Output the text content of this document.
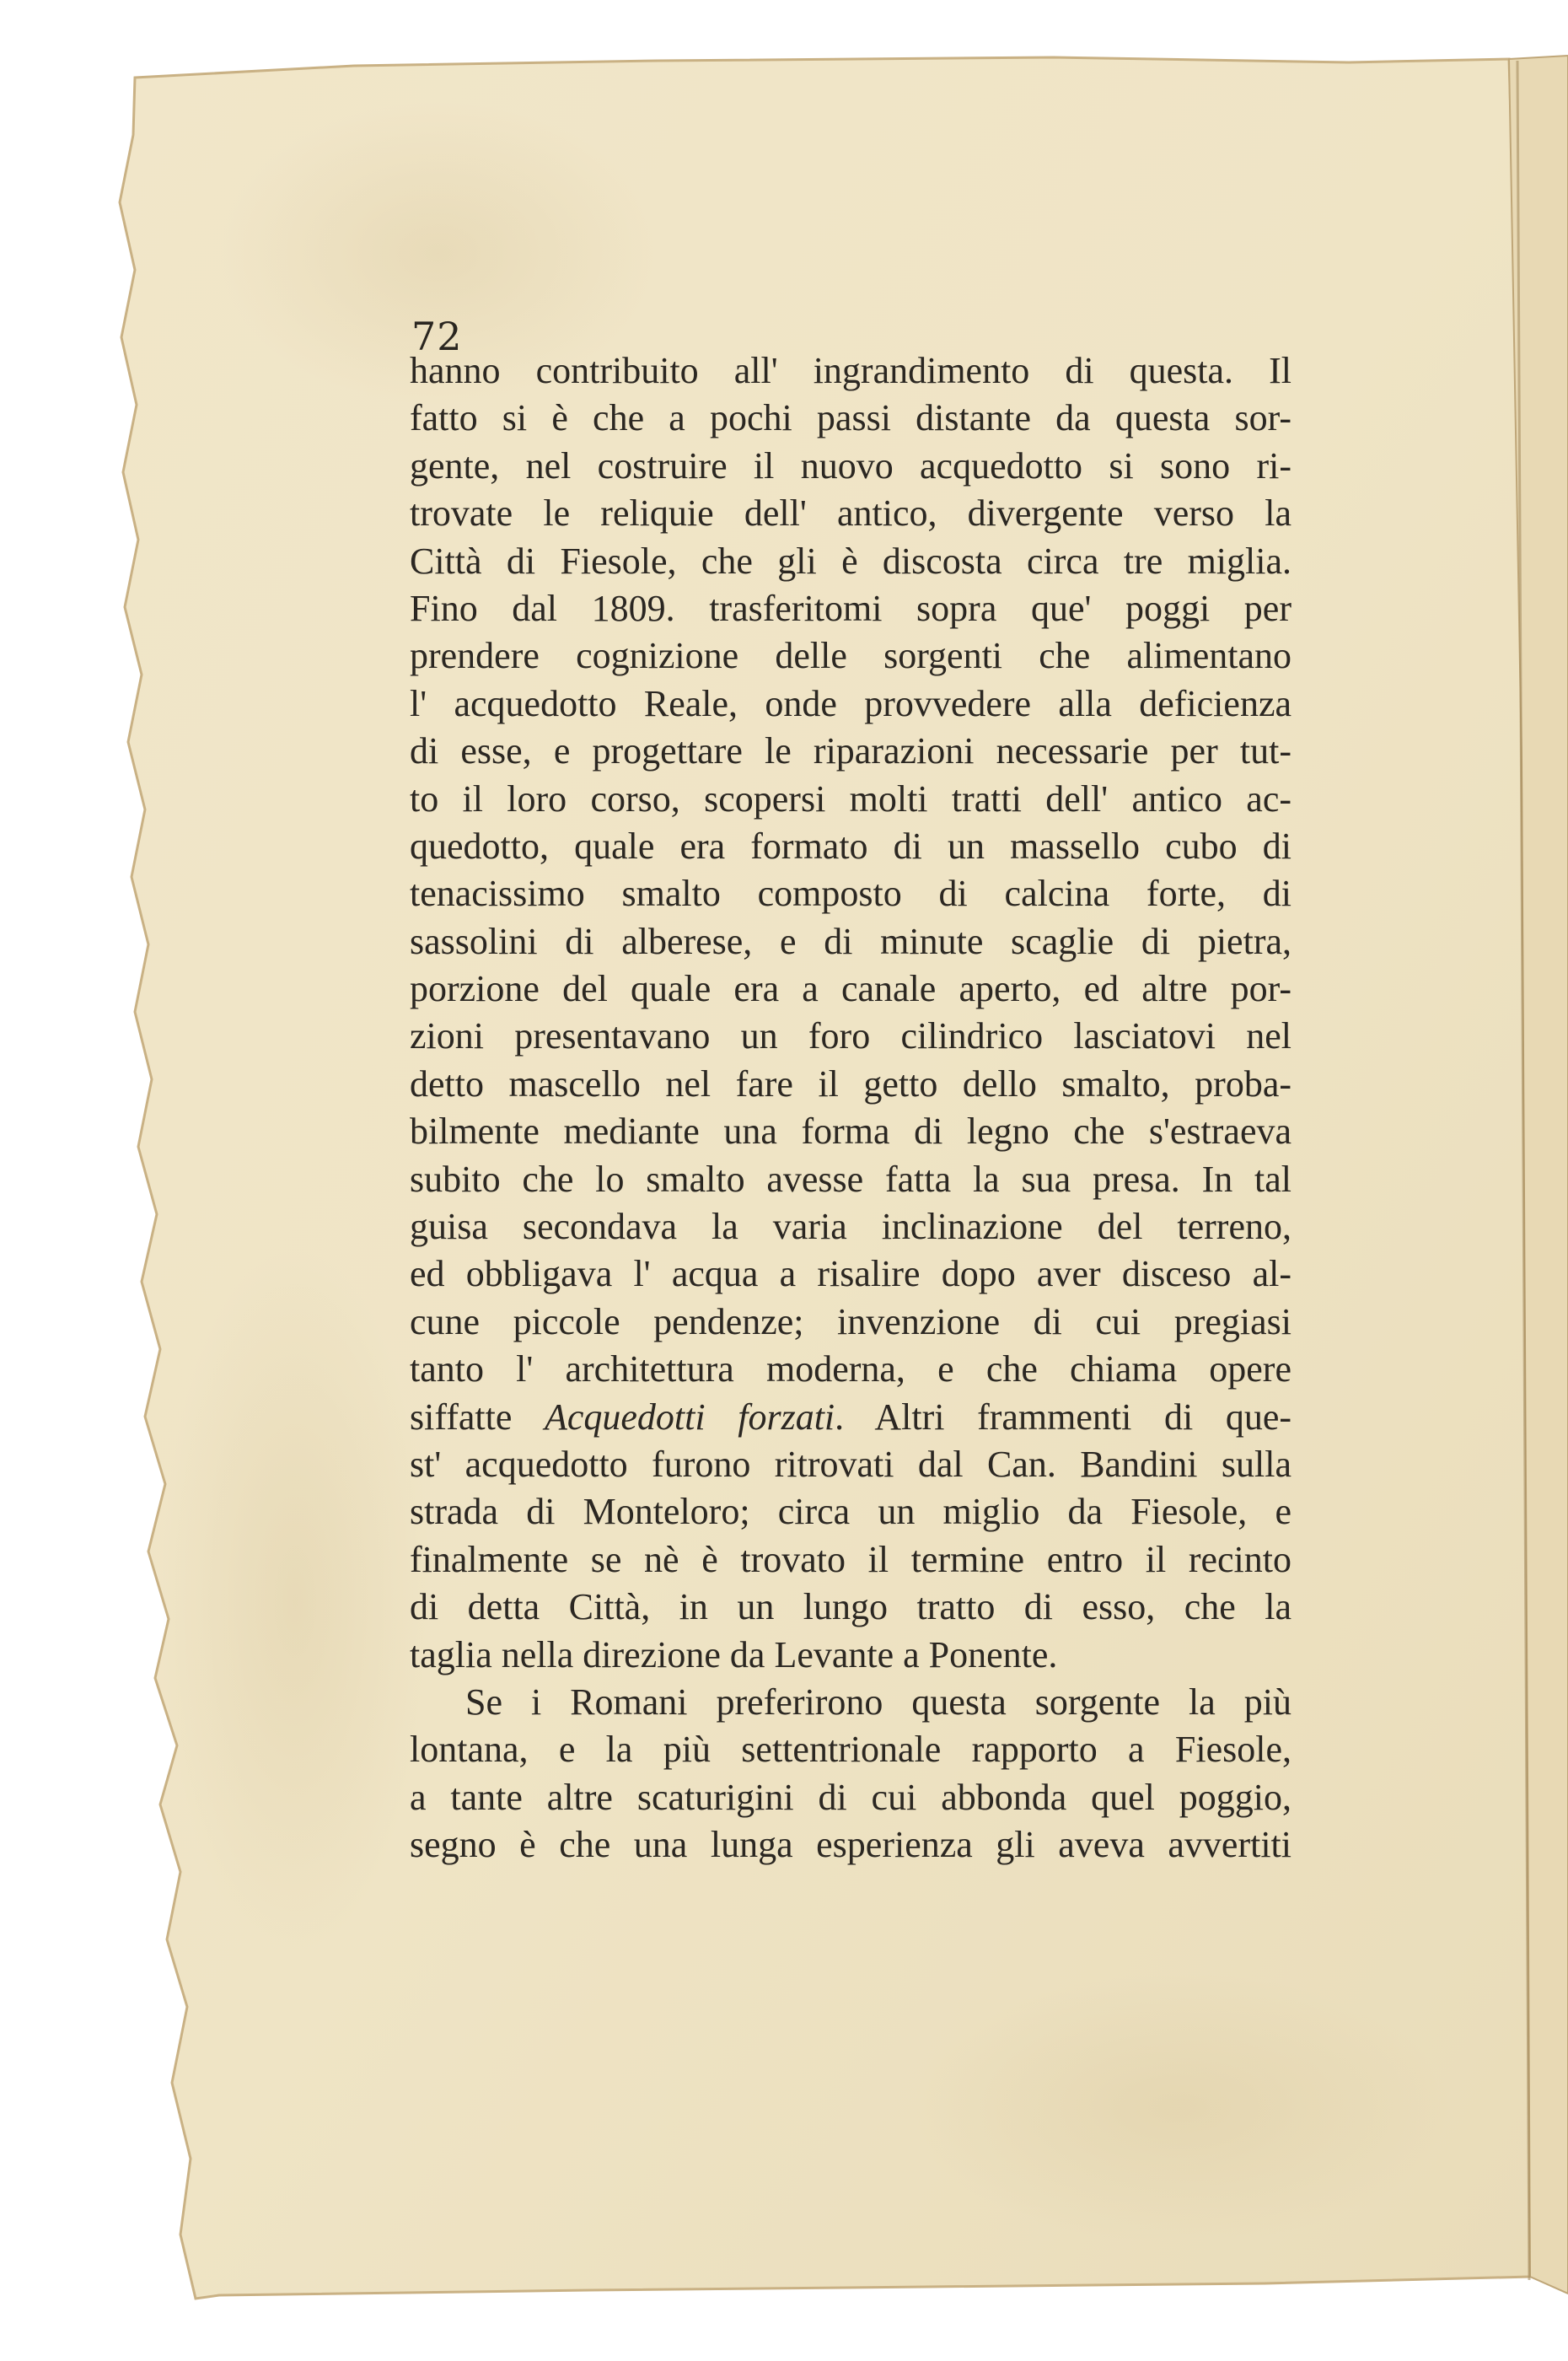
72
hanno contribuito all' ingrandimento di questa. Il
fatto si è che a pochi passi distante da questa sor-
gente, nel costruire il nuovo acquedotto si sono ri-
trovate le reliquie dell' antico, divergente verso la
Città di Fiesole, che gli è discosta circa tre miglia.
Fino dal 1809. trasferitomi sopra que' poggi per
prendere cognizione delle sorgenti che alimentano
l' acquedotto Reale, onde provvedere alla deficienza
di esse, e progettare le riparazioni necessarie per tut-
to il loro corso, scopersi molti tratti dell' antico ac-
quedotto, quale era formato di un massello cubo di
tenacissimo smalto composto di calcina forte, di
sassolini di alberese, e di minute scaglie di pietra,
porzione del quale era a canale aperto, ed altre por-
zioni presentavano un foro cilindrico lasciatovi nel
detto mascello nel fare il getto dello smalto, proba-
bilmente mediante una forma di legno che s'estraeva
subito che lo smalto avesse fatta la sua presa. In tal
guisa secondava la varia inclinazione del terreno,
ed obbligava l' acqua a risalire dopo aver disceso al-
cune piccole pendenze; invenzione di cui pregiasi
tanto l' architettura moderna, e che chiama opere
siffatte Acquedotti forzati. Altri frammenti di que-
st' acquedotto furono ritrovati dal Can. Bandini sulla
strada di Monteloro; circa un miglio da Fiesole, e
finalmente se nè è trovato il termine entro il recinto
di detta Città, in un lungo tratto di esso, che la
taglia nella direzione da Levante a Ponente.
Se i Romani preferirono questa sorgente la più
lontana, e la più settentrionale rapporto a Fiesole,
a tante altre scaturigini di cui abbonda quel poggio,
segno è che una lunga esperienza gli aveva avvertiti
